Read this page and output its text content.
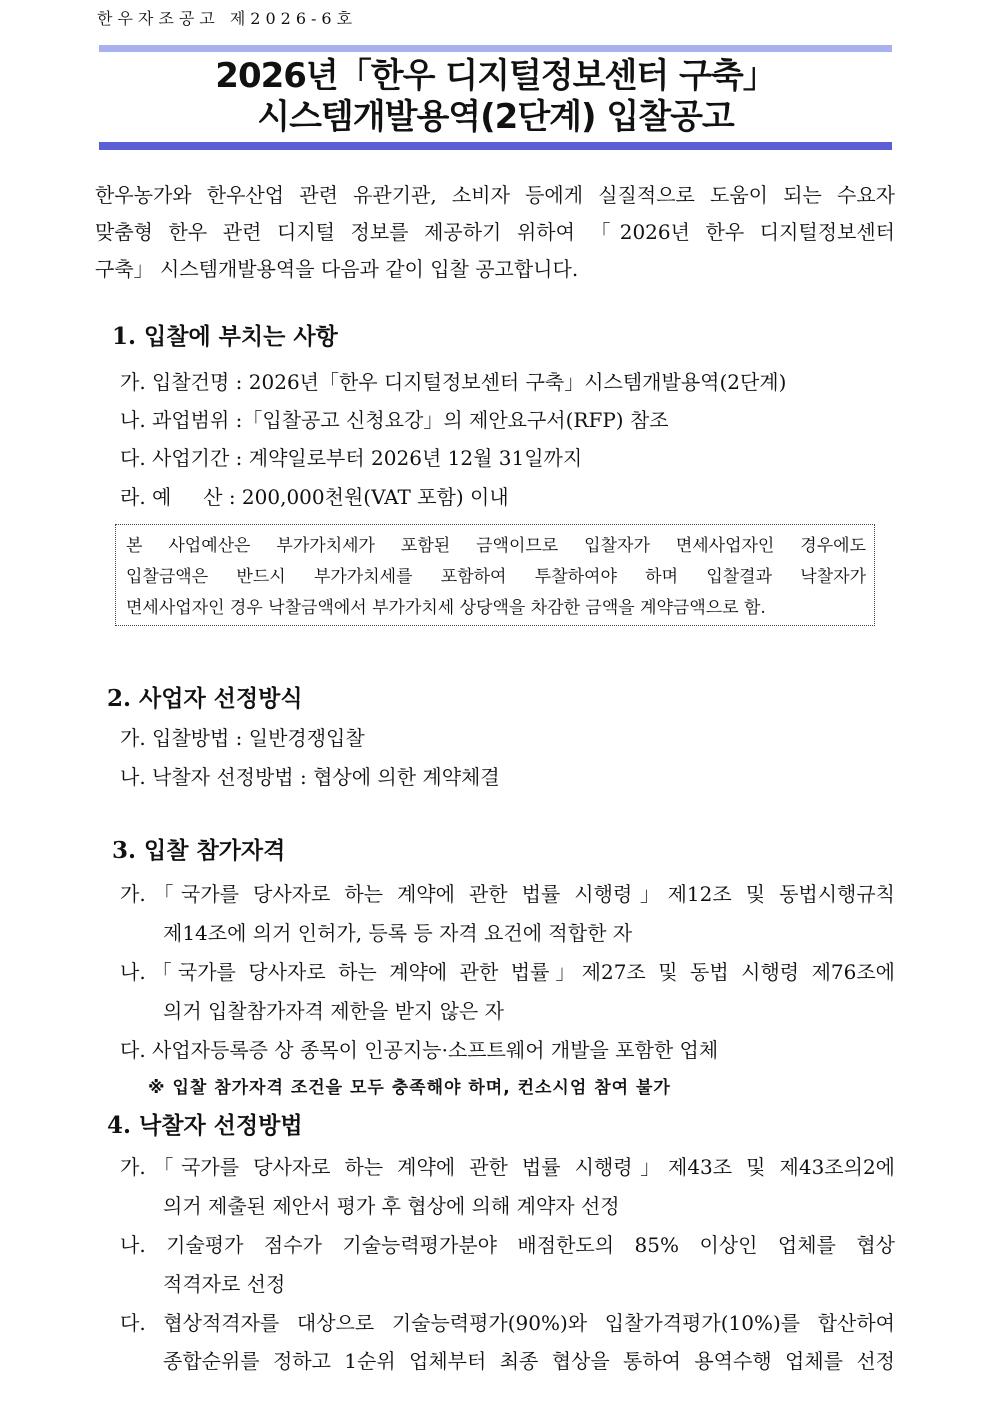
한우자조공고 제2026-6호
2026년「한우 디지털정보센터 구축」
시스템개발용역(2단계) 입찰공고
한우농가와 한우산업 관련 유관기관, 소비자 등에게 실질적으로 도움이 되는 수요자
맞춤형 한우 관련 디지털 정보를 제공하기 위하여 「2026년 한우 디지털정보센터
구축」 시스템개발용역을 다음과 같이 입찰 공고합니다.
1. 입찰에 부치는 사항
가. 입찰건명 : 2026년「한우 디지털정보센터 구축」시스템개발용역(2단계)
나. 과업범위 :「입찰공고 신청요강」의 제안요구서(RFP) 참조
다. 사업기간 : 계약일로부터 2026년 12월 31일까지
라. 예     산 : 200,000천원(VAT 포함) 이내
본 사업예산은 부가가치세가 포함된 금액이므로 입찰자가 면세사업자인 경우에도
입찰금액은 반드시 부가가치세를 포함하여 투찰하여야 하며 입찰결과 낙찰자가
면세사업자인 경우 낙찰금액에서 부가가치세 상당액을 차감한 금액을 계약금액으로 함.
2. 사업자 선정방식
가. 입찰방법 : 일반경쟁입찰
나. 낙찰자 선정방법 : 협상에 의한 계약체결
3. 입찰 참가자격
가.「국가를 당사자로 하는 계약에 관한 법률 시행령」제12조 및 동법시행규칙
제14조에 의거 인허가, 등록 등 자격 요건에 적합한 자
나.「국가를 당사자로 하는 계약에 관한 법률」제27조 및 동법 시행령 제76조에
의거 입찰참가자격 제한을 받지 않은 자
다. 사업자등록증 상 종목이 인공지능·소프트웨어 개발을 포함한 업체
※ 입찰 참가자격 조건을 모두 충족해야 하며, 컨소시엄 참여 불가
4. 낙찰자 선정방법
가.「국가를 당사자로 하는 계약에 관한 법률 시행령」제43조 및 제43조의2에
의거 제출된 제안서 평가 후 협상에 의해 계약자 선정
나. 기술평가 점수가 기술능력평가분야 배점한도의 85% 이상인 업체를 협상
적격자로 선정
다. 협상적격자를 대상으로 기술능력평가(90%)와 입찰가격평가(10%)를 합산하여
종합순위를 정하고 1순위 업체부터 최종 협상을 통하여 용역수행 업체를 선정
